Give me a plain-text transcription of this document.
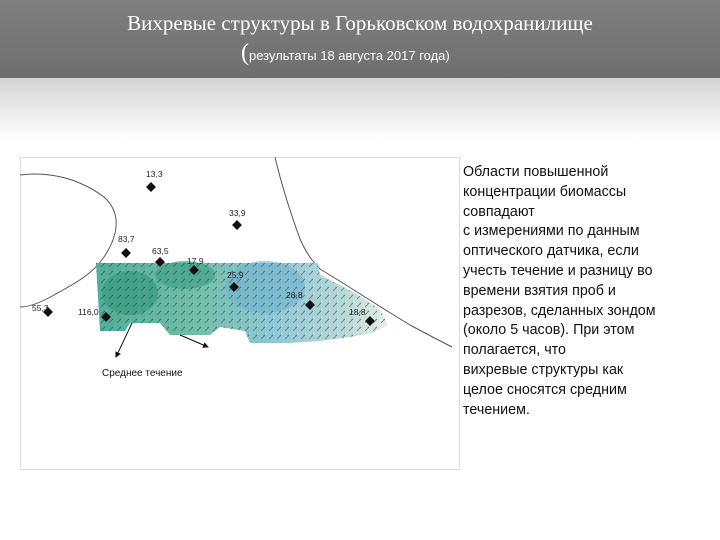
Вихревые структуры в Горьковском водохранилище
(результаты 18 августа 2017 года)
13,3
33,9
83,7
63,5
17,9
25,9
55,3	116,0
28,8
18,8
Среднее течение

Области повышенной
концентрации биомассы
совпадают
с измерениями по данным
оптического датчика, если
учесть течение и разницу во
времени взятия проб и
разрезов, сделанных зондом
(около 5 часов). При этом
полагается, что
вихревые структуры как
целое сносятся средним
течением.
